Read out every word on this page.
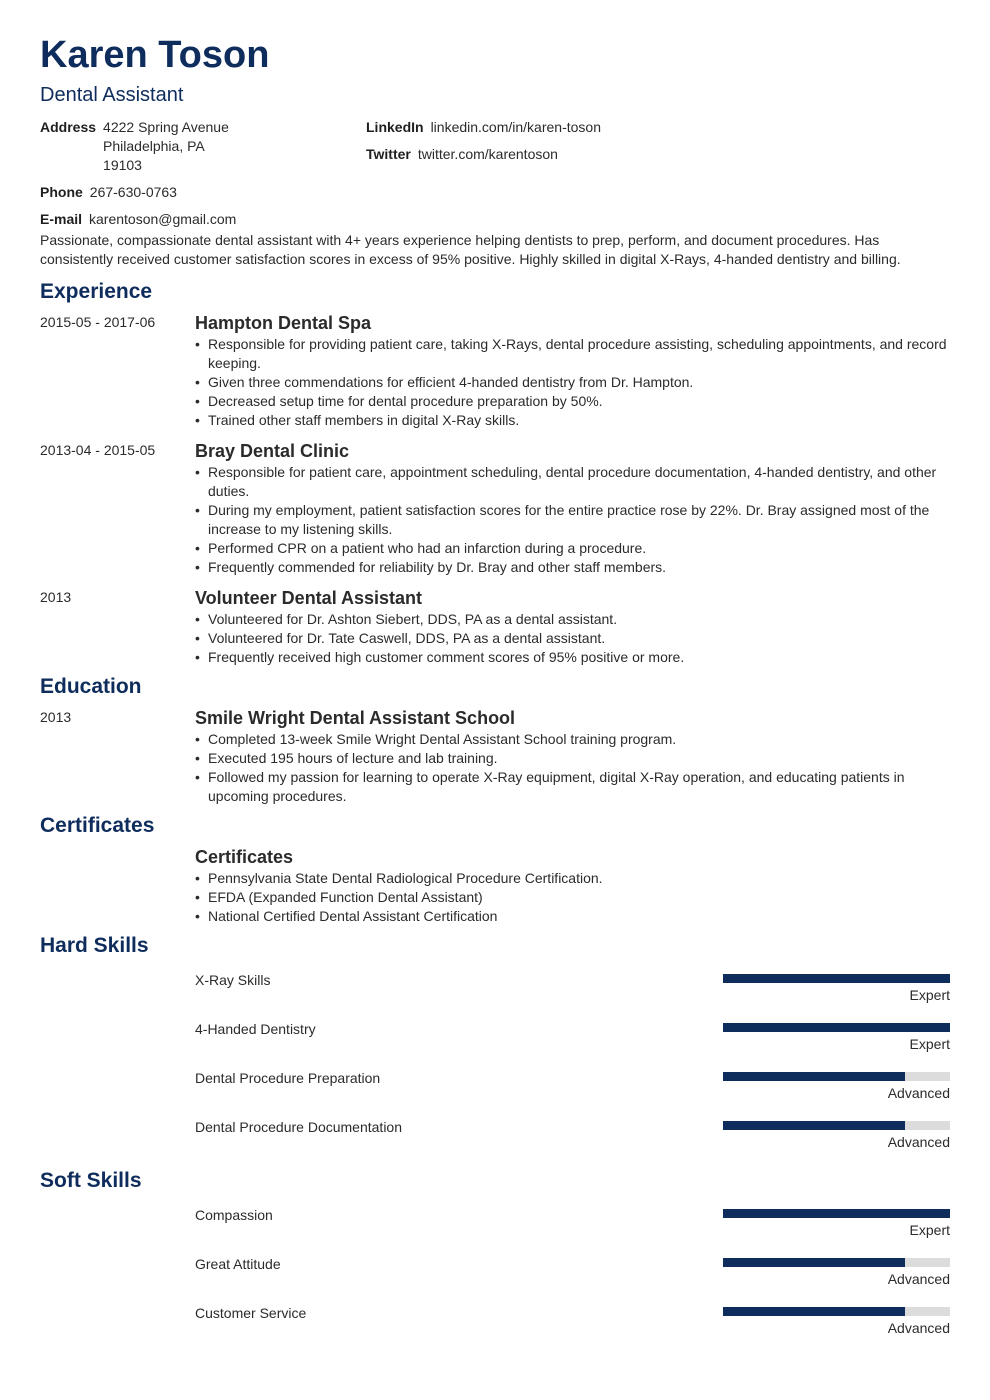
Karen Toson
Dental Assistant
Address 4222 Spring Avenue
Philadelphia, PA
19103
Phone 267-630-0763
E-mail karentoson@gmail.com
LinkedIn linkedin.com/in/karen-toson
Twitter twitter.com/karentoson
Passionate, compassionate dental assistant with 4+ years experience helping dentists to prep, perform, and document procedures. Has consistently received customer satisfaction scores in excess of 95% positive. Highly skilled in digital X-Rays, 4-handed dentistry and billing.
Experience
2015-05 - 2017-06	Hampton Dental Spa
• Responsible for providing patient care, taking X-Rays, dental procedure assisting, scheduling appointments, and record keeping.
• Given three commendations for efficient 4-handed dentistry from Dr. Hampton.
• Decreased setup time for dental procedure preparation by 50%.
• Trained other staff members in digital X-Ray skills.
2013-04 - 2015-05	Bray Dental Clinic
• Responsible for patient care, appointment scheduling, dental procedure documentation, 4-handed dentistry, and other duties.
• During my employment, patient satisfaction scores for the entire practice rose by 22%. Dr. Bray assigned most of the increase to my listening skills.
• Performed CPR on a patient who had an infarction during a procedure.
• Frequently commended for reliability by Dr. Bray and other staff members.
2013	Volunteer Dental Assistant
• Volunteered for Dr. Ashton Siebert, DDS, PA as a dental assistant.
• Volunteered for Dr. Tate Caswell, DDS, PA as a dental assistant.
• Frequently received high customer comment scores of 95% positive or more.
Education
2013	Smile Wright Dental Assistant School
• Completed 13-week Smile Wright Dental Assistant School training program.
• Executed 195 hours of lecture and lab training.
• Followed my passion for learning to operate X-Ray equipment, digital X-Ray operation, and educating patients in upcoming procedures.
Certificates
Certificates
• Pennsylvania State Dental Radiological Procedure Certification.
• EFDA (Expanded Function Dental Assistant)
• National Certified Dental Assistant Certification
Hard Skills
X-Ray Skills
Expert
4-Handed Dentistry
Expert
Dental Procedure Preparation
Advanced
Dental Procedure Documentation
Advanced
Soft Skills
Compassion
Expert
Great Attitude
Advanced
Customer Service
Advanced
